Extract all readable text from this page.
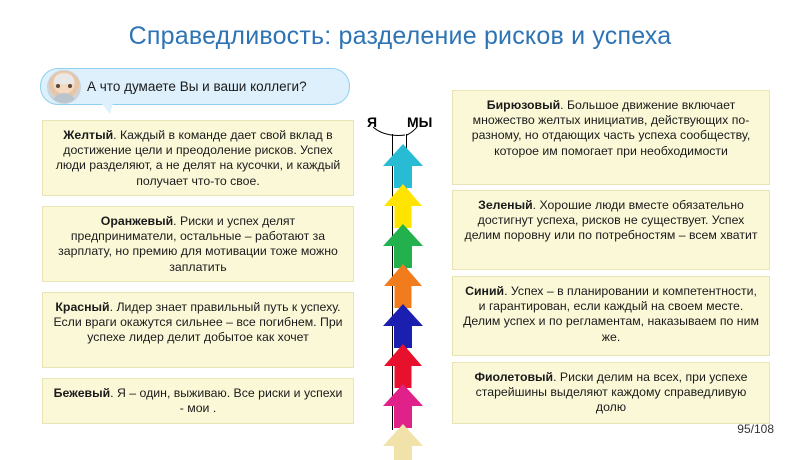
Справедливость: разделение рисков и успеха
А что думаете Вы и ваши коллеги?
Желтый. Каждый в команде дает свой вклад в достижение цели и преодоление рисков. Успех люди разделяют, а не делят на кусочки, и каждый получает что-то свое.
Оранжевый. Риски и успех делят предприниматели, остальные – работают за зарплату, но премию для мотивации тоже можно заплатить
Красный. Лидер знает правильный путь к успеху. Если враги окажутся сильнее – все погибнем. При успехе лидер делит добытое как хочет
Бежевый. Я – один, выживаю. Все риски и успехи - мои .
Бирюзовый. Большое движение включает множество желтых инициатив, действующих по-разному, но отдающих часть успеха сообществу, которое им помогает при необходимости
Зеленый. Хорошие люди вместе обязательно достигнут успеха, рисков не существует. Успех делим поровну или по потребностям – всем хватит
Синий. Успех – в планировании и компетентности, и гарантирован, если каждый на своем месте. Делим успех и по регламентам, наказываем по ним же.
Фиолетовый. Риски делим на всех, при успехе старейшины выделяют каждому справедливую долю
Я МЫ
95/108
